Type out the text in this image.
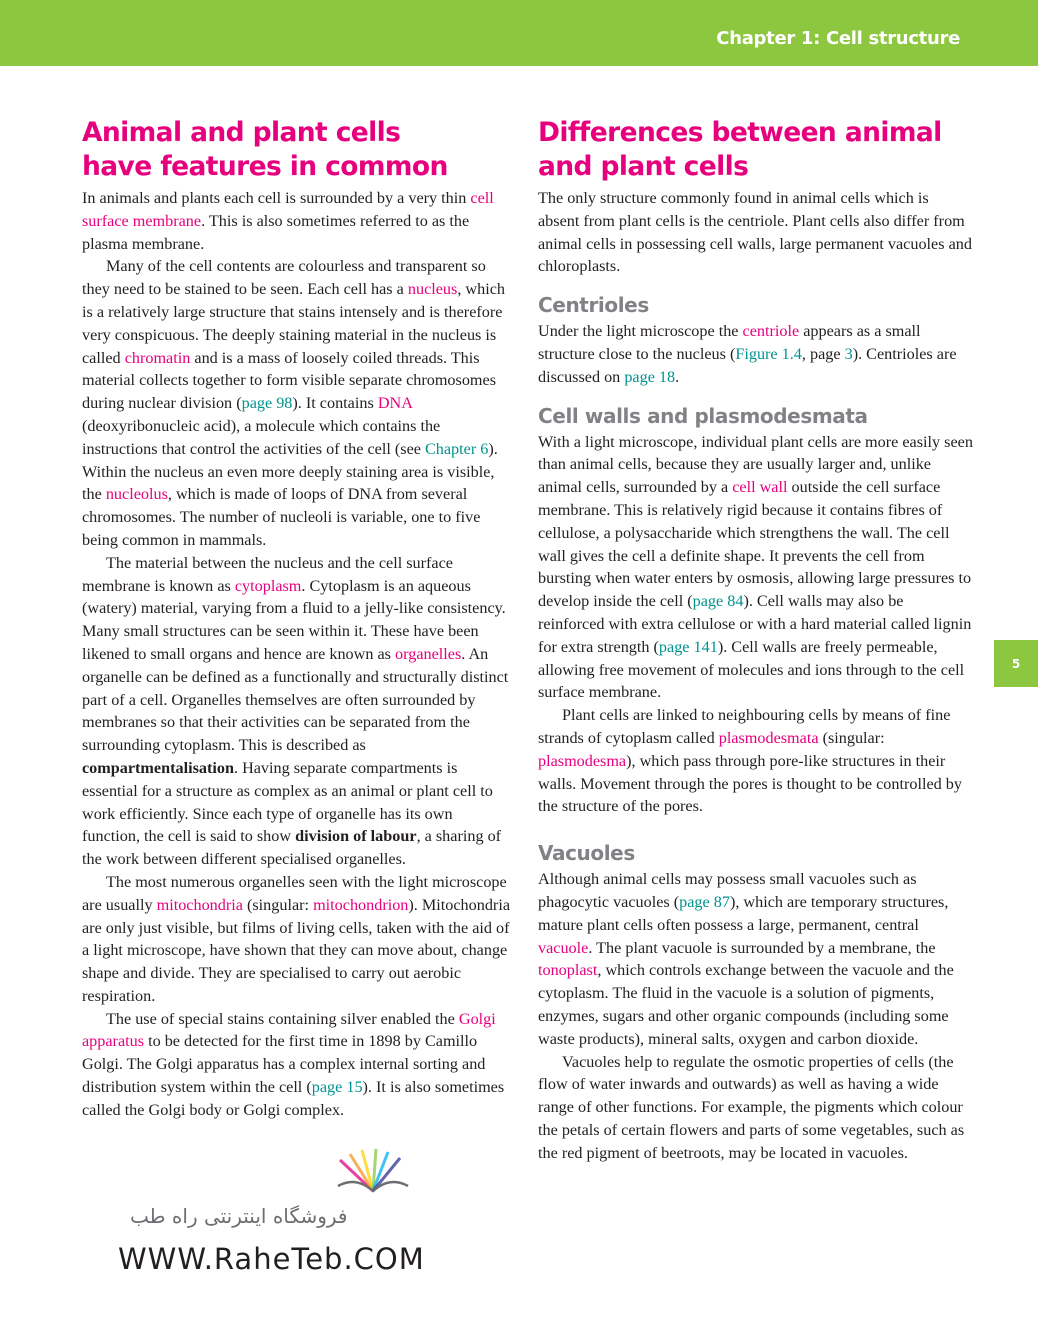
Chapter 1: Cell structure
5
Animal and plant cells
have features in common

In animals and plants each cell is surrounded by a very thin cell surface membrane. This is also sometimes referred to as the plasma membrane.

Many of the cell contents are colourless and transparent so they need to be stained to be seen. Each cell has a nucleus, which is a relatively large structure that stains intensely and is therefore very conspicuous. The deeply staining material in the nucleus is called chromatin and is a mass of loosely coiled threads. This material collects together to form visible separate chromosomes during nuclear division (page 98). It contains DNA (deoxyribonucleic acid), a molecule which contains the instructions that control the activities of the cell (see Chapter 6). Within the nucleus an even more deeply staining area is visible, the nucleolus, which is made of loops of DNA from several chromosomes. The number of nucleoli is variable, one to five being common in mammals.

The material between the nucleus and the cell surface membrane is known as cytoplasm. Cytoplasm is an aqueous (watery) material, varying from a fluid to a jelly-like consistency. Many small structures can be seen within it. These have been likened to small organs and hence are known as organelles. An organelle can be defined as a functionally and structurally distinct part of a cell. Organelles themselves are often surrounded by membranes so that their activities can be separated from the surrounding cytoplasm. This is described as compartmentalisation. Having separate compartments is essential for a structure as complex as an animal or plant cell to work efficiently. Since each type of organelle has its own function, the cell is said to show division of labour, a sharing of the work between different specialised organelles.

The most numerous organelles seen with the light microscope are usually mitochondria (singular: mitochondrion). Mitochondria are only just visible, but films of living cells, taken with the aid of a light microscope, have shown that they can move about, change shape and divide. They are specialised to carry out aerobic respiration.

The use of special stains containing silver enabled the Golgi apparatus to be detected for the first time in 1898 by Camillo Golgi. The Golgi apparatus has a complex internal sorting and distribution system within the cell (page 15). It is also sometimes called the Golgi body or Golgi complex.

Differences between animal
and plant cells

The only structure commonly found in animal cells which is absent from plant cells is the centriole. Plant cells also differ from animal cells in possessing cell walls, large permanent vacuoles and chloroplasts.

Centrioles

Under the light microscope the centriole appears as a small structure close to the nucleus (Figure 1.4, page 3). Centrioles are discussed on page 18.

Cell walls and plasmodesmata

With a light microscope, individual plant cells are more easily seen than animal cells, because they are usually larger and, unlike animal cells, surrounded by a cell wall outside the cell surface membrane. This is relatively rigid because it contains fibres of cellulose, a polysaccharide which strengthens the wall. The cell wall gives the cell a definite shape. It prevents the cell from bursting when water enters by osmosis, allowing large pressures to develop inside the cell (page 84). Cell walls may also be reinforced with extra cellulose or with a hard material called lignin for extra strength (page 141). Cell walls are freely permeable, allowing free movement of molecules and ions through to the cell surface membrane.

Plant cells are linked to neighbouring cells by means of fine strands of cytoplasm called plasmodesmata (singular: plasmodesma), which pass through pore-like structures in their walls. Movement through the pores is thought to be controlled by the structure of the pores.

Vacuoles

Although animal cells may possess small vacuoles such as phagocytic vacuoles (page 87), which are temporary structures, mature plant cells often possess a large, permanent, central vacuole. The plant vacuole is surrounded by a membrane, the tonoplast, which controls exchange between the vacuole and the cytoplasm. The fluid in the vacuole is a solution of pigments, enzymes, sugars and other organic compounds (including some waste products), mineral salts, oxygen and carbon dioxide.

Vacuoles help to regulate the osmotic properties of cells (the flow of water inwards and outwards) as well as having a wide range of other functions. For example, the pigments which colour the petals of certain flowers and parts of some vegetables, such as the red pigment of beetroots, may be located in vacuoles.

فروشگاه اینترنتی راه طب
WWW.RaheTeb.COM
